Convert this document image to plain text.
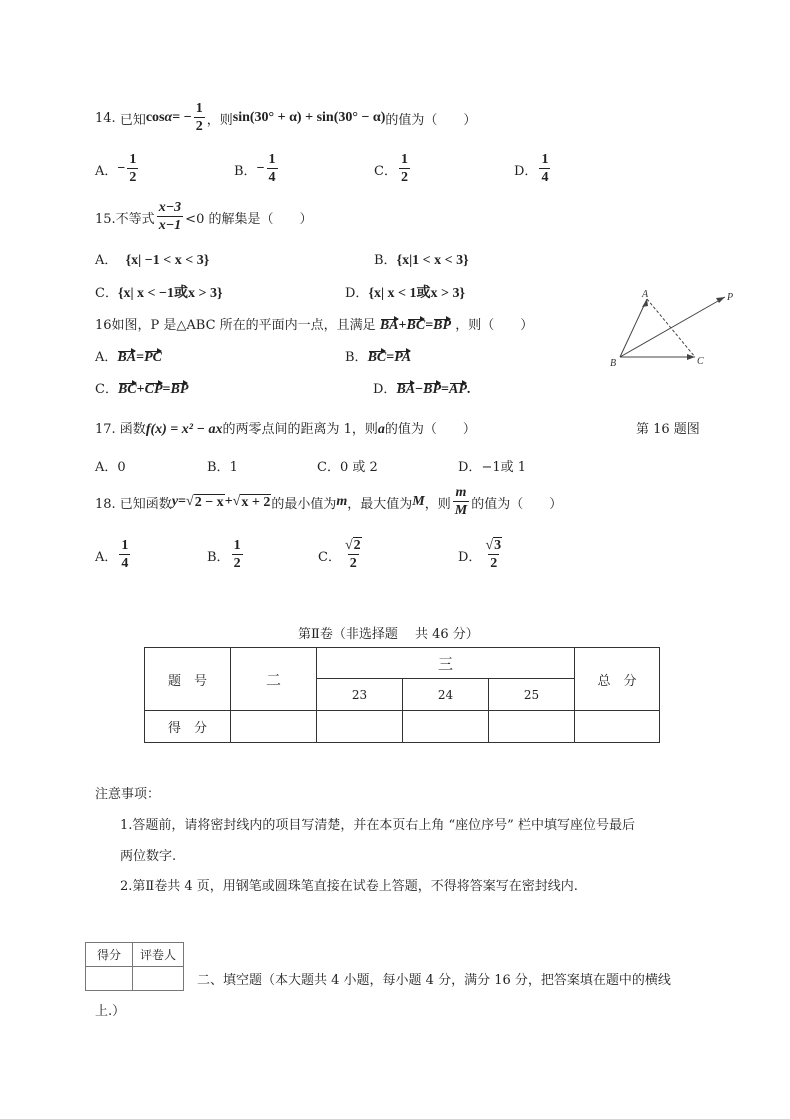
14.
已知 cos α = − $\frac{1}{2}$ ，则 sin(30° + α) + sin(30° − α) 的值为（　　）
A． − $\frac{1}{2}$	B． − $\frac{1}{4}$	C． $\frac{1}{2}$	D． $\frac{1}{4}$
15.不等式 $\frac{x-3}{x-1} <0$ 的解集是（　　）
A． {x| −1 < x < 3}	B．{x|1 < x < 3}
C．{x| x < −1或x > 3}	D．{x| x < 1或x > 3}
16如图，P 是△ABC 所在的平面内一点，且满足 BA+BC=BP ，则（　　）
A．BA=PC	B．BC=PA
C．BC+CP=BP	D．BA−BP=AP.
A
B	C
P
第 16 题图
17. 函数f(x) = x² − ax的两零点间的距离为 1，则a的值为（　　）
A．0	B．1	C．0 或 2	D．−1或 1
18. 已知函数 y = √ 2 − x + √ x + 2 的最小值为 m ，最大值为 M ，则 $\frac{m}{M}$ 的值为（　　）
A． $\frac{1}{4}$	B． $\frac{1}{2}$	C． $\frac{√2}{2}$	D． $\frac{√3}{2}$
第Ⅱ卷（非选择题　 共 46 分）
题　号	二	三			总　分
		23	24	25	
得　分					
注意事项：
1.答题前，请将密封线内的项目写清楚，并在本页右上角 “座位序号” 栏中填写座位号最后
两位数字.
2.第Ⅱ卷共 4 页，用钢笔或圆珠笔直接在试卷上答题，不得将答案写在密封线内.
得分	评卷人

二、填空题（本大题共 4 小题，每小题 4 分，满分 16 分，把答案填在题中的横线
上.）
